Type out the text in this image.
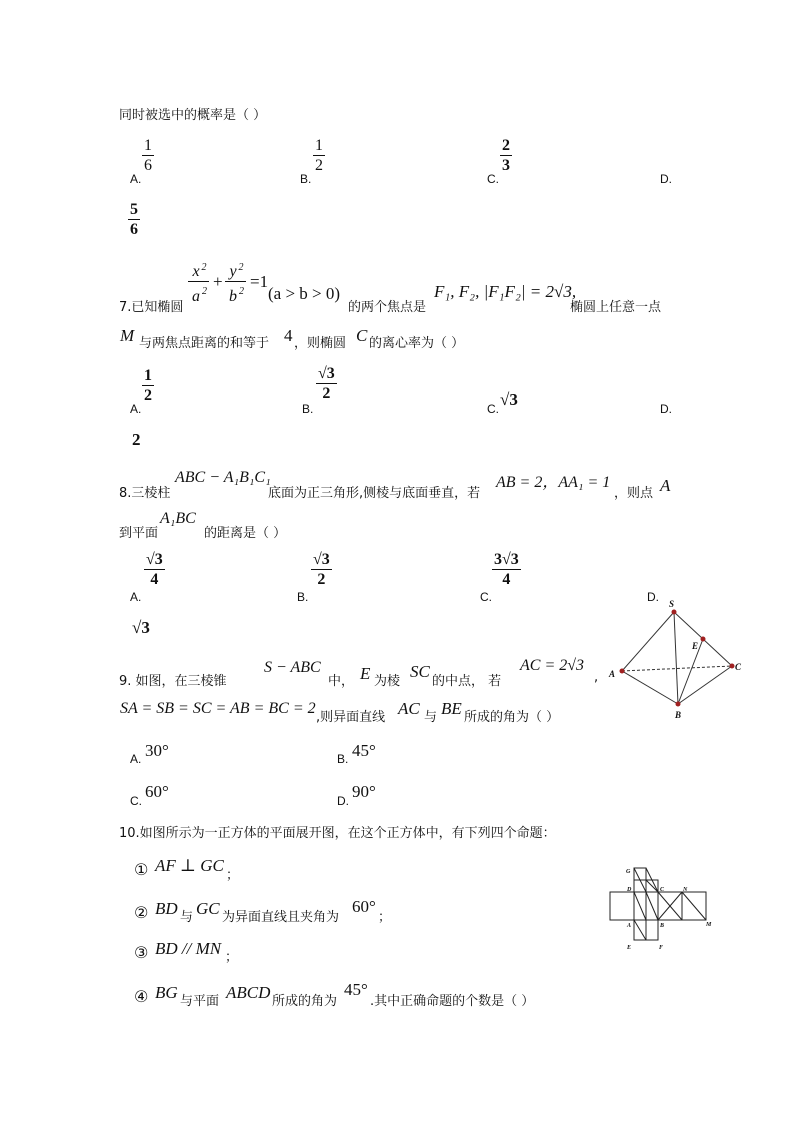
同时被选中的概率是（ ）
A.
1
6
B.
1
2
C.
2
3
D.
5
6
7.已知椭圆
x $^2$
a $^2$
+
y $^2$
b $^2$
=1
(a > b > 0)
的两个焦点是
F₁, F₂, |F₁F₂| = 2√3,
椭圆上任意一点
M 与两焦点距离的和等于 4 ，则椭圆 C 的离心率为（ ）
A.
1
2
B.
√3
2
C. √3	D.
2
8.三棱柱
ABC − A₁B₁C₁
底面为正三角形,侧棱与底面垂直，若
AB = 2，AA₁ = 1
，则点 A
到平面
A₁BC
的距离是（ ）
A.
√3
4
B.
√3
2
C.
3√3
4
D.
√3
9. 如图，在三棱锥
S − ABC
中， E 为棱
SC
的中点， 若
AC = 2√3
,
SA = SB = SC = AB = BC = 2
,则异面直线 AC 与 BE 所成的角为（ ）
A. 30°	B. 45°
C. 60°	D. 90°
S
E
A
B
C
10.如图所示为一正方体的平面展开图，在这个正方体中，有下列四个命题：
① AF ⊥ GC
；
② BD 与 GC 为异面直线且夹角为
60°
；
③ BD // MN ；
④ BG 与平面 ABCD 所成的角为
45°
.其中正确命题的个数是（ ）
G
D	C	N
A	B	M
E	F
